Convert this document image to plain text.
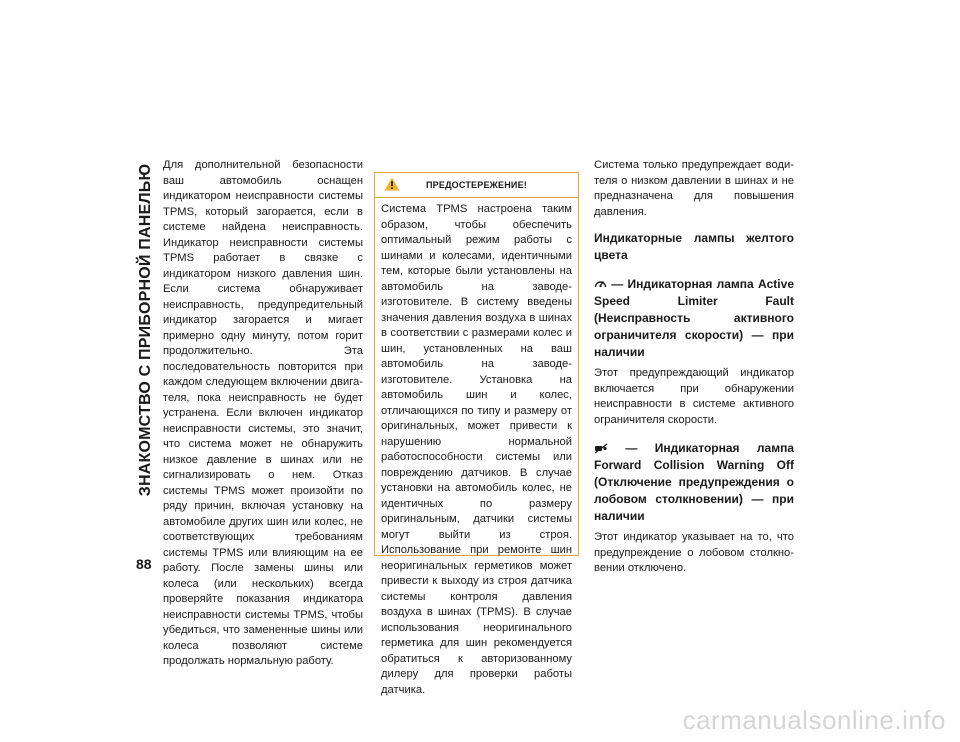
ЗНАКОМСТВО С ПРИБОРНОЙ ПАНЕЛЬЮ
88

Для дополнительной безопасности ваш автомобиль оснащен индикатором неисправности системы TPMS, который загорается, если в системе найдена неисправность. Индикатор неисправности системы TPMS работает в связке с индикатором низкого давления шин. Если система обнаруживает неисправность, предупредительный индикатор загорается и мигает примерно одну минуту, потом горит продолжительно. Эта последовательность повторится при каждом следующем включении двигателя, пока неисправность не будет устранена. Если включен индикатор неисправности системы, это значит, что система может не обнаружить низкое давление в шинах или не сигнализировать о нем. Отказ системы TPMS может произойти по ряду причин, включая установку на автомобиле других шин или колес, не соответствующих требованиям системы TPMS или влияющим на ее работу. После замены шины или колеса (или нескольких) всегда проверяйте показания индикатора неисправности системы TPMS, чтобы убедиться, что замененные шины или колеса позволяют системе продолжать нормальную работу.

ПРЕДОСТЕРЕЖЕНИЕ!
Система TPMS настроена таким образом, чтобы обеспечить оптимальный режим работы с шинами и колесами, идентичными тем, которые были установлены на автомобиль на заводе-изготовителе. В систему введены значения давления воздуха в шинах в соответствии с размерами колес и шин, установленных на ваш автомобиль на заводе-изготовителе. Установка на автомобиль шин и колес, отличающихся по типу и размеру от оригинальных, может привести к нарушению нормальной работоспособности системы или повреждению датчиков. В случае установки на автомобиль колес, не идентичных по размеру оригинальным, датчики системы могут выйти из строя. Использование при ремонте шин неоригинальных герметиков может привести к выходу из строя датчика системы контроля давления воздуха в шинах (TPMS). В случае использования неоригинального герметика для шин рекомендуется обратиться к авторизованному дилеру для проверки работы датчика.

Система только предупреждает водителя о низком давлении в шинах и не предназначена для повышения давления.

Индикаторные лампы желтого цвета
— Индикаторная лампа Active Speed Limiter Fault (Неисправность активного ограничителя скорости) — при наличии

Этот предупреждающий индикатор включается при обнаружении неисправности в системе активного ограничителя скорости.

— Индикаторная лампа Forward Collision Warning Off (Отключение предупреждения о лобовом столкновении) — при наличии

Этот индикатор указывает на то, что предупреждение о лобовом столкновении отключено.

carmanualsonline.info
